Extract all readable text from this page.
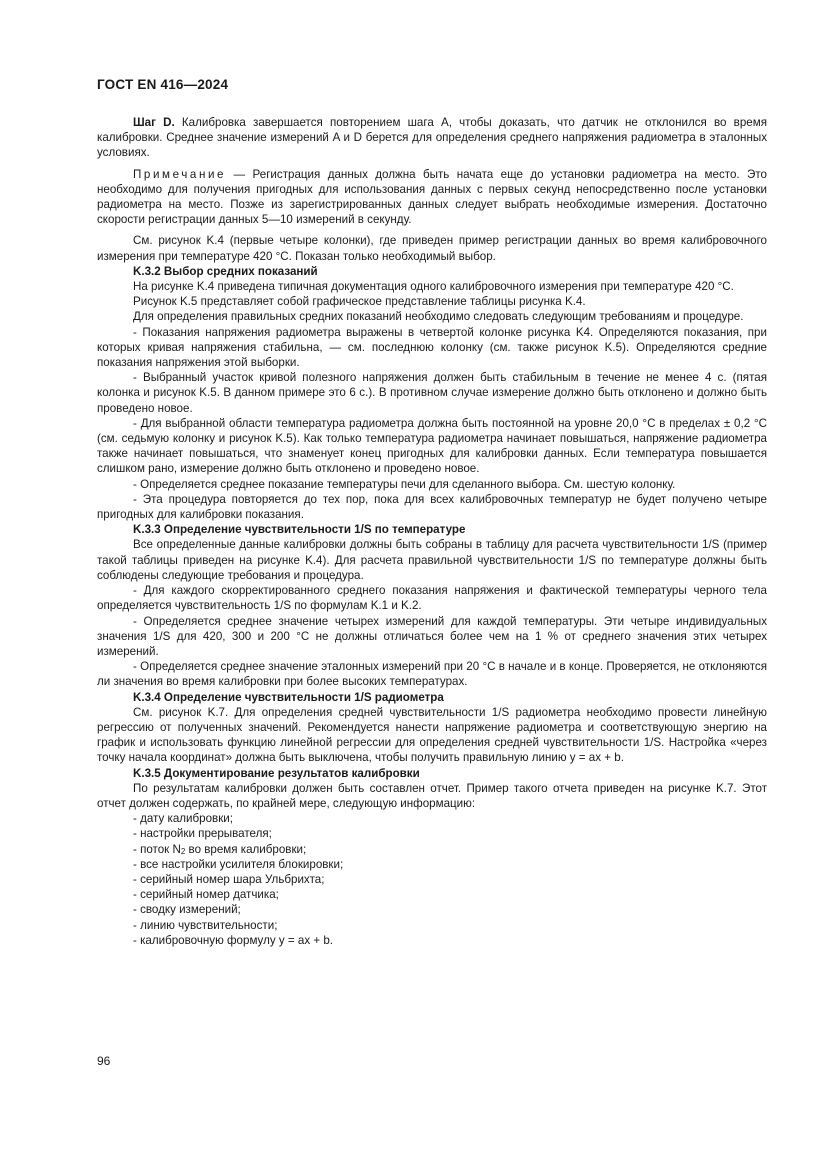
ГОСТ EN 416—2024

Шаг D. Калибровка завершается повторением шага A, чтобы доказать, что датчик не отклонился во время калибровки. Среднее значение измерений A и D берется для определения среднего напряжения радиометра в эталонных условиях.

Примечание — Регистрация данных должна быть начата еще до установки радиометра на место. Это необходимо для получения пригодных для использования данных с первых секунд непосредственно после установки радиометра на место. Позже из зарегистрированных данных следует выбрать необходимые измерения. Достаточно скорости регистрации данных 5—10 измерений в секунду.

См. рисунок K.4 (первые четыре колонки), где приведен пример регистрации данных во время калибровочного измерения при температуре 420 °С. Показан только необходимый выбор.

K.3.2 Выбор средних показаний

На рисунке K.4 приведена типичная документация одного калибровочного измерения при температуре 420 °С.

Рисунок K.5 представляет собой графическое представление таблицы рисунка K.4.

Для определения правильных средних показаний необходимо следовать следующим требованиям и процедуре.

- Показания напряжения радиометра выражены в четвертой колонке рисунка K4. Определяются показания, при которых кривая напряжения стабильна, — см. последнюю колонку (см. также рисунок K.5). Определяются средние показания напряжения этой выборки.

- Выбранный участок кривой полезного напряжения должен быть стабильным в течение не менее 4 с. (пятая колонка и рисунок K.5. В данном примере это 6 с.). В противном случае измерение должно быть отклонено и должно быть проведено новое.

- Для выбранной области температура радиометра должна быть постоянной на уровне 20,0 °С в пределах ± 0,2 °С (см. седьмую колонку и рисунок K.5). Как только температура радиометра начинает повышаться, напряжение радиометра также начинает повышаться, что знаменует конец пригодных для калибровки данных. Если температура повышается слишком рано, измерение должно быть отклонено и проведено новое.

- Определяется среднее показание температуры печи для сделанного выбора. См. шестую колонку.

- Эта процедура повторяется до тех пор, пока для всех калибровочных температур не будет получено четыре пригодных для калибровки показания.

K.3.3 Определение чувствительности 1/S по температуре

Все определенные данные калибровки должны быть собраны в таблицу для расчета чувствительности 1/S (пример такой таблицы приведен на рисунке K.4). Для расчета правильной чувствительности 1/S по температуре должны быть соблюдены следующие требования и процедура.

- Для каждого скорректированного среднего показания напряжения и фактической температуры черного тела определяется чувствительность 1/S по формулам K.1 и K.2.

- Определяется среднее значение четырех измерений для каждой температуры. Эти четыре индивидуальных значения 1/S для 420, 300 и 200 °С не должны отличаться более чем на 1 % от среднего значения этих четырех измерений.

- Определяется среднее значение эталонных измерений при 20 °С в начале и в конце. Проверяется, не отклоняются ли значения во время калибровки при более высоких температурах.

K.3.4 Определение чувствительности 1/S радиометра

См. рисунок K.7. Для определения средней чувствительности 1/S радиометра необходимо провести линейную регрессию от полученных значений. Рекомендуется нанести напряжение радиометра и соответствующую энергию на график и использовать функцию линейной регрессии для определения средней чувствительности 1/S. Настройка «через точку начала координат» должна быть выключена, чтобы получить правильную линию y = ax + b.

K.3.5 Документирование результатов калибровки

По результатам калибровки должен быть составлен отчет. Пример такого отчета приведен на рисунке K.7. Этот отчет должен содержать, по крайней мере, следующую информацию:

- дату калибровки;

- настройки прерывателя;

- поток $N_2$ во время калибровки;

- все настройки усилителя блокировки;

- серийный номер шара Ульбрихта;

- серийный номер датчика;

- сводку измерений;

- линию чувствительности;

- калибровочную формулу y = ax + b.

96
